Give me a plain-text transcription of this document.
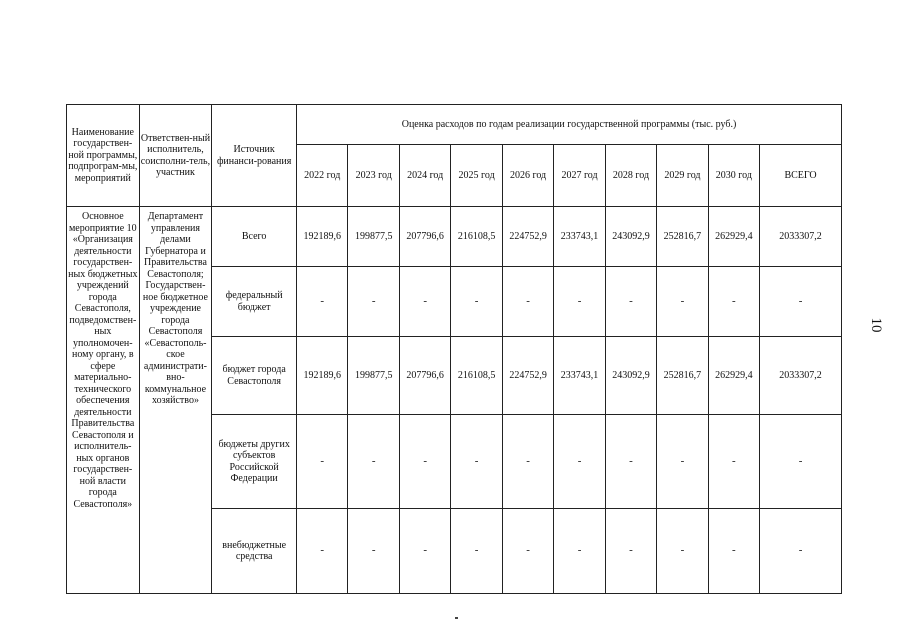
10
Наименование государствен-ной программы, подпрограм-мы, мероприятий	Ответствен-ный исполнитель, соисполни-тель, участник	Источник финанси-рования	Оценка расходов по годам реализации государственной программы (тыс. руб.)									
			2022 год	2023 год	2024 год	2025 год	2026 год	2027 год	2028 год	2029 год	2030 год	ВСЕГО
Основное мероприятие 10 «Организация деятельности государствен-ных бюджетных учреждений города Севастополя, подведомствен-ных уполномочен-ному органу, в сфере материально-технического обеспечения деятельности Правительства Севастополя и исполнитель-ных органов государствен-ной власти города Севастополя»	Департамент управления делами Губернатора и Правительства Севастополя; Государствен-ное бюджетное учреждение города Севастополя «Севастополь-ское администрати-вно-коммунальное хозяйство»	Всего	192189,6	199877,5	207796,6	216108,5	224752,9	233743,1	243092,9	252816,7	262929,4	2033307,2
		федеральный бюджет	-	-	-	-	-	-	-	-	-	-
		бюджет города Севастополя	192189,6	199877,5	207796,6	216108,5	224752,9	233743,1	243092,9	252816,7	262929,4	2033307,2
		бюджеты других субъектов Российской Федерации	-	-	-	-	-	-	-	-	-	-
		внебюджетные средства	-	-	-	-	-	-	-	-	-	-
